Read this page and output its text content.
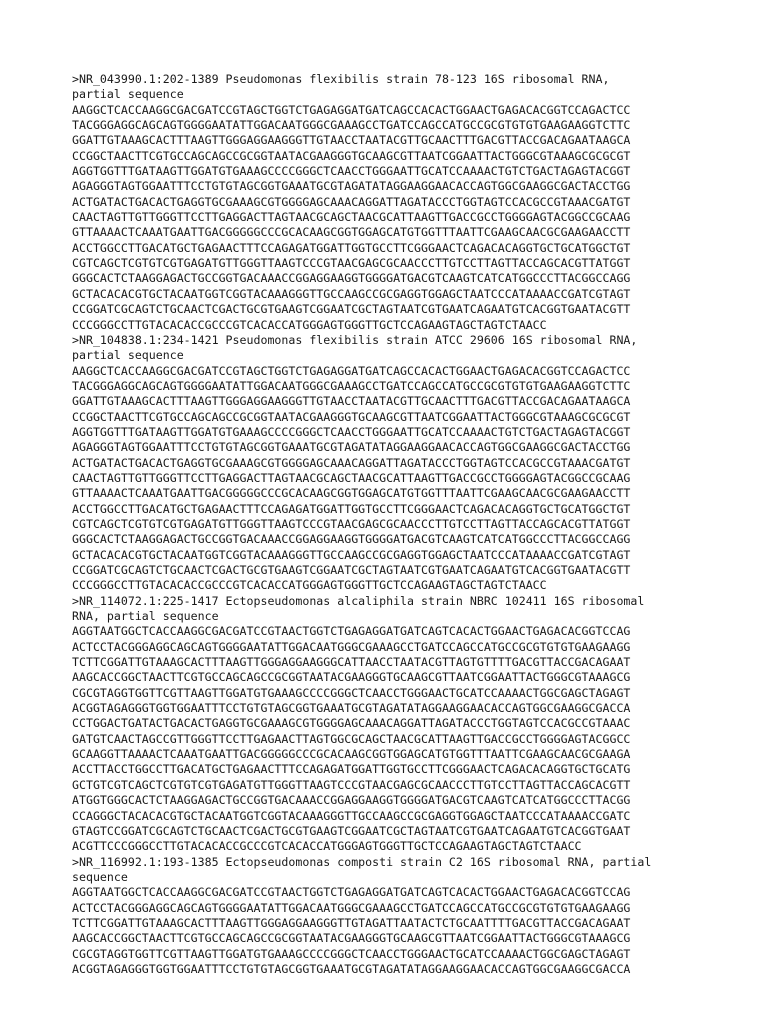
>NR_043990.1:202-1389 Pseudomonas flexibilis strain 78-123 16S ribosomal RNA,
partial sequence
AAGGCTCACCAAGGCGACGATCCGTAGCTGGTCTGAGAGGATGATCAGCCACACTGGAACTGAGACACGGTCCAGACTCC
TACGGGAGGCAGCAGTGGGGAATATTGGACAATGGGCGAAAGCCTGATCCAGCCATGCCGCGTGTGTGAAGAAGGTCTTC
GGATTGTAAAGCACTTTAAGTTGGGAGGAAGGGTTGTAACCTAATACGTTGCAACTTTGACGTTACCGACAGAATAAGCA
CCGGCTAACTTCGTGCCAGCAGCCGCGGTAATACGAAGGGTGCAAGCGTTAATCGGAATTACTGGGCGTAAAGCGCGCGT
AGGTGGTTTGATAAGTTGGATGTGAAAGCCCCGGGCTCAACCTGGGAATTGCATCCAAAACTGTCTGACTAGAGTACGGT
AGAGGGTAGTGGAATTTCCTGTGTAGCGGTGAAATGCGTAGATATAGGAAGGAACACCAGTGGCGAAGGCGACTACCTGG
ACTGATACTGACACTGAGGTGCGAAAGCGTGGGGAGCAAACAGGATTAGATACCCTGGTAGTCCACGCCGTAAACGATGT
CAACTAGTTGTTGGGTTCCTTGAGGACTTAGTAACGCAGCTAACGCATTAAGTTGACCGCCTGGGGAGTACGGCCGCAAG
GTTAAAACTCAAATGAATTGACGGGGGCCCGCACAAGCGGTGGAGCATGTGGTTTAATTCGAAGCAACGCGAAGAACCTT
ACCTGGCCTTGACATGCTGAGAACTTTCCAGAGATGGATTGGTGCCTTCGGGAACTCAGACACAGGTGCTGCATGGCTGT
CGTCAGCTCGTGTCGTGAGATGTTGGGTTAAGTCCCGTAACGAGCGCAACCCTTGTCCTTAGTTACCAGCACGTTATGGT
GGGCACTCTAAGGAGACTGCCGGTGACAAACCGGAGGAAGGTGGGGATGACGTCAAGTCATCATGGCCCTTACGGCCAGG
GCTACACACGTGCTACAATGGTCGGTACAAAGGGTTGCCAAGCCGCGAGGTGGAGCTAATCCCATAAAACCGATCGTAGT
CCGGATCGCAGTCTGCAACTCGACTGCGTGAAGTCGGAATCGCTAGTAATCGTGAATCAGAATGTCACGGTGAATACGTT
CCCGGGCCTTGTACACACCGCCCGTCACACCATGGGAGTGGGTTGCTCCAGAAGTAGCTAGTCTAACC
>NR_104838.1:234-1421 Pseudomonas flexibilis strain ATCC 29606 16S ribosomal RNA,
partial sequence
AAGGCTCACCAAGGCGACGATCCGTAGCTGGTCTGAGAGGATGATCAGCCACACTGGAACTGAGACACGGTCCAGACTCC
TACGGGAGGCAGCAGTGGGGAATATTGGACAATGGGCGAAAGCCTGATCCAGCCATGCCGCGTGTGTGAAGAAGGTCTTC
GGATTGTAAAGCACTTTAAGTTGGGAGGAAGGGTTGTAACCTAATACGTTGCAACTTTGACGTTACCGACAGAATAAGCA
CCGGCTAACTTCGTGCCAGCAGCCGCGGTAATACGAAGGGTGCAAGCGTTAATCGGAATTACTGGGCGTAAAGCGCGCGT
AGGTGGTTTGATAAGTTGGATGTGAAAGCCCCGGGCTCAACCTGGGAATTGCATCCAAAACTGTCTGACTAGAGTACGGT
AGAGGGTAGTGGAATTTCCTGTGTAGCGGTGAAATGCGTAGATATAGGAAGGAACACCAGTGGCGAAGGCGACTACCTGG
ACTGATACTGACACTGAGGTGCGAAAGCGTGGGGAGCAAACAGGATTAGATACCCTGGTAGTCCACGCCGTAAACGATGT
CAACTAGTTGTTGGGTTCCTTGAGGACTTAGTAACGCAGCTAACGCATTAAGTTGACCGCCTGGGGAGTACGGCCGCAAG
GTTAAAACTCAAATGAATTGACGGGGGCCCGCACAAGCGGTGGAGCATGTGGTTTAATTCGAAGCAACGCGAAGAACCTT
ACCTGGCCTTGACATGCTGAGAACTTTCCAGAGATGGATTGGTGCCTTCGGGAACTCAGACACAGGTGCTGCATGGCTGT
CGTCAGCTCGTGTCGTGAGATGTTGGGTTAAGTCCCGTAACGAGCGCAACCCTTGTCCTTAGTTACCAGCACGTTATGGT
GGGCACTCTAAGGAGACTGCCGGTGACAAACCGGAGGAAGGTGGGGATGACGTCAAGTCATCATGGCCCTTACGGCCAGG
GCTACACACGTGCTACAATGGTCGGTACAAAGGGTTGCCAAGCCGCGAGGTGGAGCTAATCCCATAAAACCGATCGTAGT
CCGGATCGCAGTCTGCAACTCGACTGCGTGAAGTCGGAATCGCTAGTAATCGTGAATCAGAATGTCACGGTGAATACGTT
CCCGGGCCTTGTACACACCGCCCGTCACACCATGGGAGTGGGTTGCTCCAGAAGTAGCTAGTCTAACC
>NR_114072.1:225-1417 Ectopseudomonas alcaliphila strain NBRC 102411 16S ribosomal
RNA, partial sequence
AGGTAATGGCTCACCAAGGCGACGATCCGTAACTGGTCTGAGAGGATGATCAGTCACACTGGAACTGAGACACGGTCCAG
ACTCCTACGGGAGGCAGCAGTGGGGAATATTGGACAATGGGCGAAAGCCTGATCCAGCCATGCCGCGTGTGTGAAGAAGG
TCTTCGGATTGTAAAGCACTTTAAGTTGGGAGGAAGGGCATTAACCTAATACGTTAGTGTTTTGACGTTACCGACAGAAT
AAGCACCGGCTAACTTCGTGCCAGCAGCCGCGGTAATACGAAGGGTGCAAGCGTTAATCGGAATTACTGGGCGTAAAGCG
CGCGTAGGTGGTTCGTTAAGTTGGATGTGAAAGCCCCGGGCTCAACCTGGGAACTGCATCCAAAACTGGCGAGCTAGAGT
ACGGTAGAGGGTGGTGGAATTTCCTGTGTAGCGGTGAAATGCGTAGATATAGGAAGGAACACCAGTGGCGAAGGCGACCA
CCTGGACTGATACTGACACTGAGGTGCGAAAGCGTGGGGAGCAAACAGGATTAGATACCCTGGTAGTCCACGCCGTAAAC
GATGTCAACTAGCCGTTGGGTTCCTTGAGAACTTAGTGGCGCAGCTAACGCATTAAGTTGACCGCCTGGGGAGTACGGCC
GCAAGGTTAAAACTCAAATGAATTGACGGGGGCCCGCACAAGCGGTGGAGCATGTGGTTTAATTCGAAGCAACGCGAAGA
ACCTTACCTGGCCTTGACATGCTGAGAACTTTCCAGAGATGGATTGGTGCCTTCGGGAACTCAGACACAGGTGCTGCATG
GCTGTCGTCAGCTCGTGTCGTGAGATGTTGGGTTAAGTCCCGTAACGAGCGCAACCCTTGTCCTTAGTTACCAGCACGTT
ATGGTGGGCACTCTAAGGAGACTGCCGGTGACAAACCGGAGGAAGGTGGGGATGACGTCAAGTCATCATGGCCCTTACGG
CCAGGGCTACACACGTGCTACAATGGTCGGTACAAAGGGTTGCCAAGCCGCGAGGTGGAGCTAATCCCATAAAACCGATC
GTAGTCCGGATCGCAGTCTGCAACTCGACTGCGTGAAGTCGGAATCGCTAGTAATCGTGAATCAGAATGTCACGGTGAAT
ACGTTCCCGGGCCTTGTACACACCGCCCGTCACACCATGGGAGTGGGTTGCTCCAGAAGTAGCTAGTCTAACC
>NR_116992.1:193-1385 Ectopseudomonas composti strain C2 16S ribosomal RNA, partial
sequence
AGGTAATGGCTCACCAAGGCGACGATCCGTAACTGGTCTGAGAGGATGATCAGTCACACTGGAACTGAGACACGGTCCAG
ACTCCTACGGGAGGCAGCAGTGGGGAATATTGGACAATGGGCGAAAGCCTGATCCAGCCATGCCGCGTGTGTGAAGAAGG
TCTTCGGATTGTAAAGCACTTTAAGTTGGGAGGAAGGGTTGTAGATTAATACTCTGCAATTTTGACGTTACCGACAGAAT
AAGCACCGGCTAACTTCGTGCCAGCAGCCGCGGTAATACGAAGGGTGCAAGCGTTAATCGGAATTACTGGGCGTAAAGCG
CGCGTAGGTGGTTCGTTAAGTTGGATGTGAAAGCCCCGGGCTCAACCTGGGAACTGCATCCAAAACTGGCGAGCTAGAGT
ACGGTAGAGGGTGGTGGAATTTCCTGTGTAGCGGTGAAATGCGTAGATATAGGAAGGAACACCAGTGGCGAAGGCGACCA
